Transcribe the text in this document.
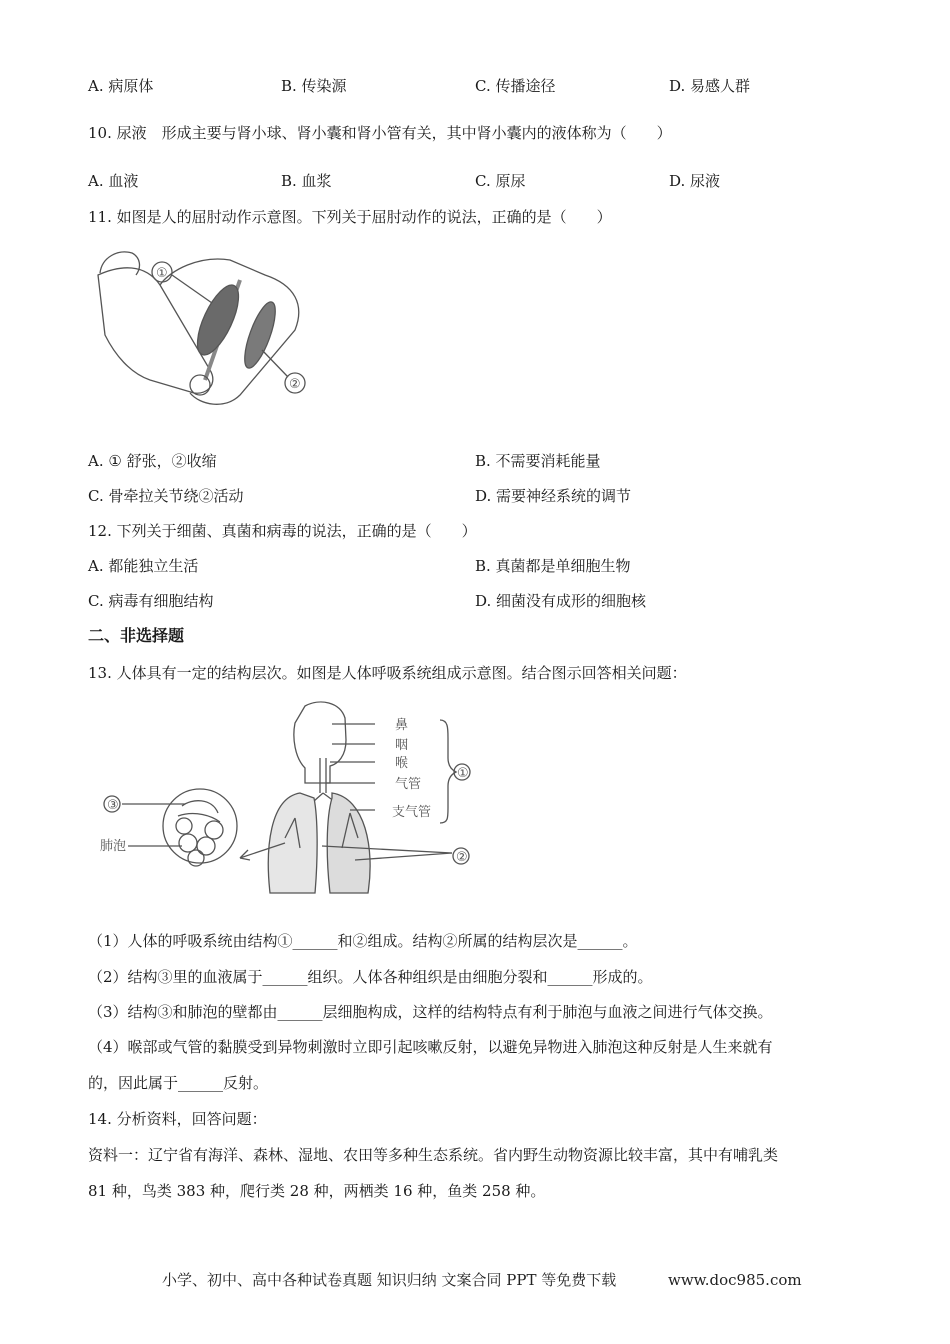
A. 病原体	B. 传染源	C. 传播途径	D. 易感人群
10. 尿液　形成主要与肾小球、肾小囊和肾小管有关，其中肾小囊内的液体称为（　　）
A. 血液	B. 血浆	C. 原尿	D. 尿液
11. 如图是人的屈肘动作示意图。下列关于屈肘动作的说法，正确的是（　　）
①
②
A. ① 舒张，②收缩	B. 不需要消耗能量
C. 骨牵拉关节绕②活动	D. 需要神经系统的调节
12. 下列关于细菌、真菌和病毒的说法，正确的是（　　）
A. 都能独立生活	B. 真菌都是单细胞生物
C. 病毒有细胞结构	D. 细菌没有成形的细胞核
二、非选择题
13. 人体具有一定的结构层次。如图是人体呼吸系统组成示意图。结合图示回答相关问题：
鼻
咽
喉
气管
支气管
①
②
③
肺泡
（1）人体的呼吸系统由结构①______和②组成。结构②所属的结构层次是______。
（2）结构③里的血液属于______组织。人体各种组织是由细胞分裂和______形成的。
（3）结构③和肺泡的壁都由______层细胞构成，这样的结构特点有利于肺泡与血液之间进行气体交换。
（4）喉部或气管的黏膜受到异物刺激时立即引起咳嗽反射，以避免异物进入肺泡这种反射是人生来就有
的，因此属于______反射。
14. 分析资料，回答问题：
资料一：辽宁省有海洋、森林、湿地、农田等多种生态系统。省内野生动物资源比较丰富，其中有哺乳类
81 种，鸟类 383 种，爬行类 28 种，两栖类 16 种，鱼类 258 种。
小学、初中、高中各种试卷真题 知识归纳 文案合同 PPT 等免费下载	www.doc985.com
